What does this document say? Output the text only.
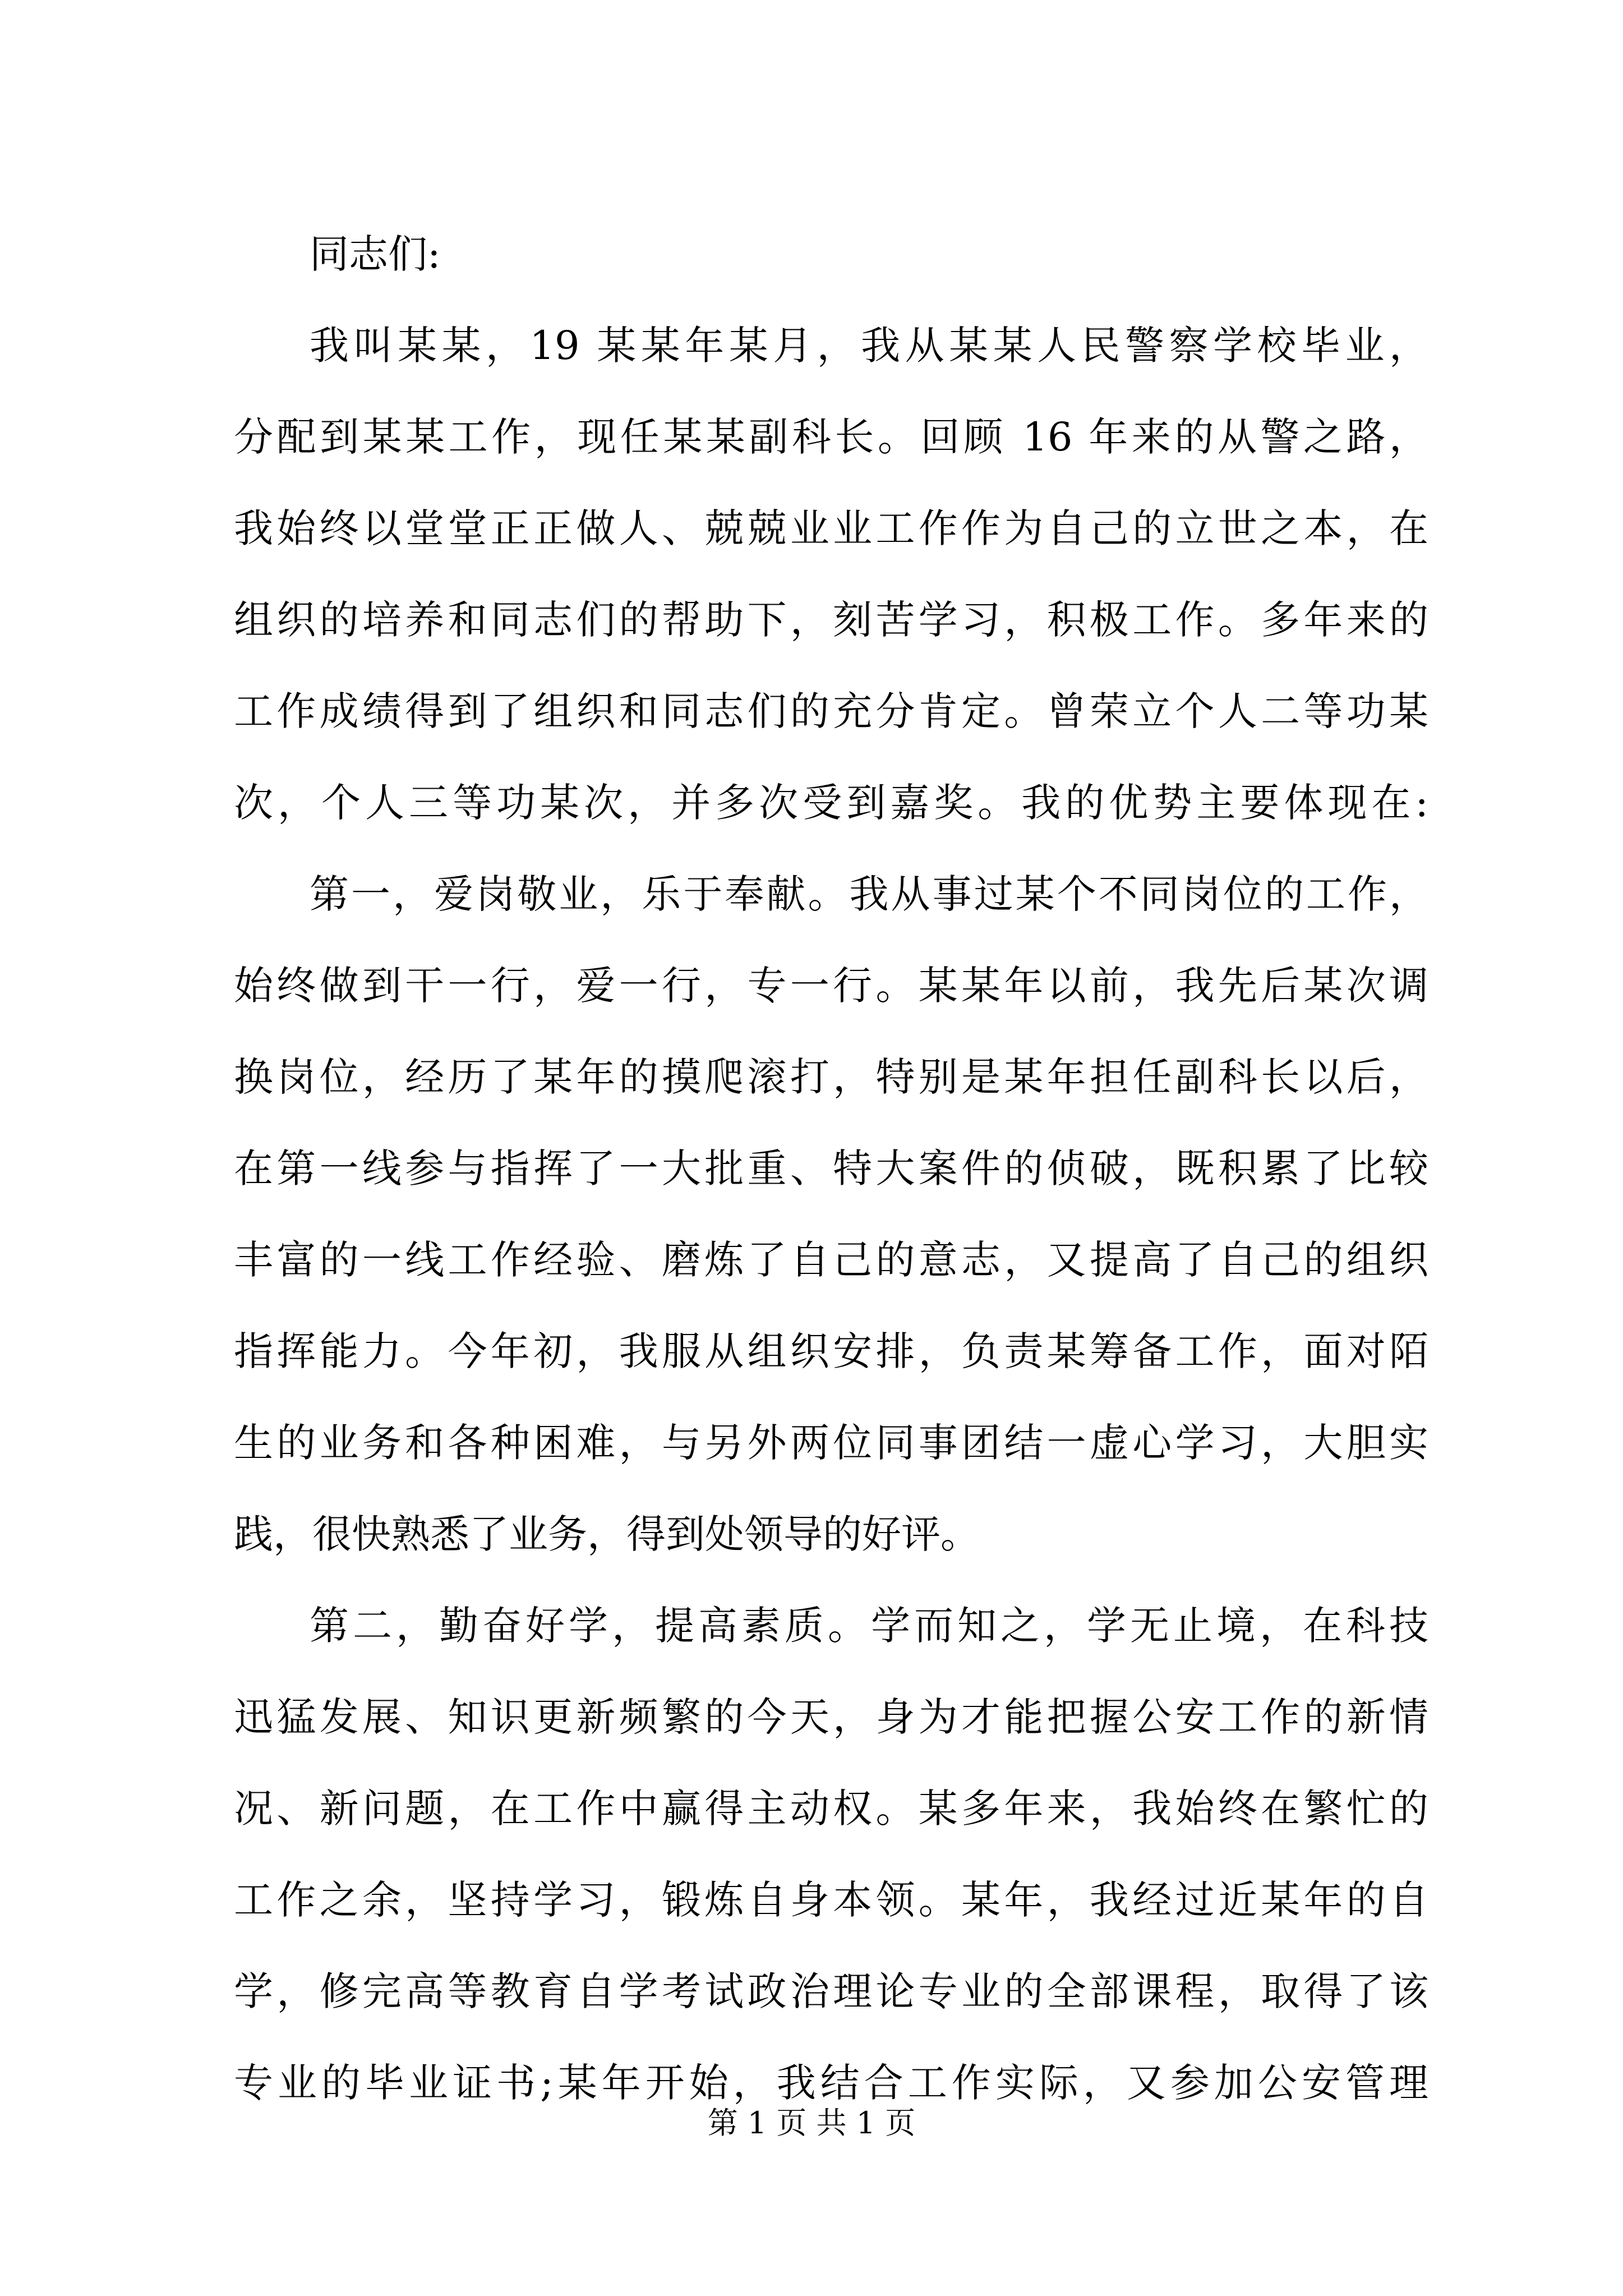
同志们:
我叫某某，19 某某年某月，我从某某人民警察学校毕业，
分配到某某工作，现任某某副科长。回顾 16 年来的从警之路，
我始终以堂堂正正做人、兢兢业业工作作为自己的立世之本，在
组织的培养和同志们的帮助下，刻苦学习，积极工作。多年来的
工作成绩得到了组织和同志们的充分肯定。曾荣立个人二等功某
次，个人三等功某次，并多次受到嘉奖。我的优势主要体现在:
第一，爱岗敬业，乐于奉献。我从事过某个不同岗位的工作，
始终做到干一行，爱一行，专一行。某某年以前，我先后某次调
换岗位，经历了某年的摸爬滚打，特别是某年担任副科长以后，
在第一线参与指挥了一大批重、特大案件的侦破，既积累了比较
丰富的一线工作经验、磨炼了自己的意志，又提高了自己的组织
指挥能力。今年初，我服从组织安排，负责某筹备工作，面对陌
生的业务和各种困难，与另外两位同事团结一虚心学习，大胆实
践，很快熟悉了业务，得到处领导的好评。
第二，勤奋好学，提高素质。学而知之，学无止境，在科技
迅猛发展、知识更新频繁的今天，身为才能把握公安工作的新情
况、新问题，在工作中赢得主动权。某多年来，我始终在繁忙的
工作之余，坚持学习，锻炼自身本领。某年，我经过近某年的自
学，修完高等教育自学考试政治理论专业的全部课程，取得了该
专业的毕业证书;某年开始，我结合工作实际，又参加公安管理
第 1 页 共 1 页
